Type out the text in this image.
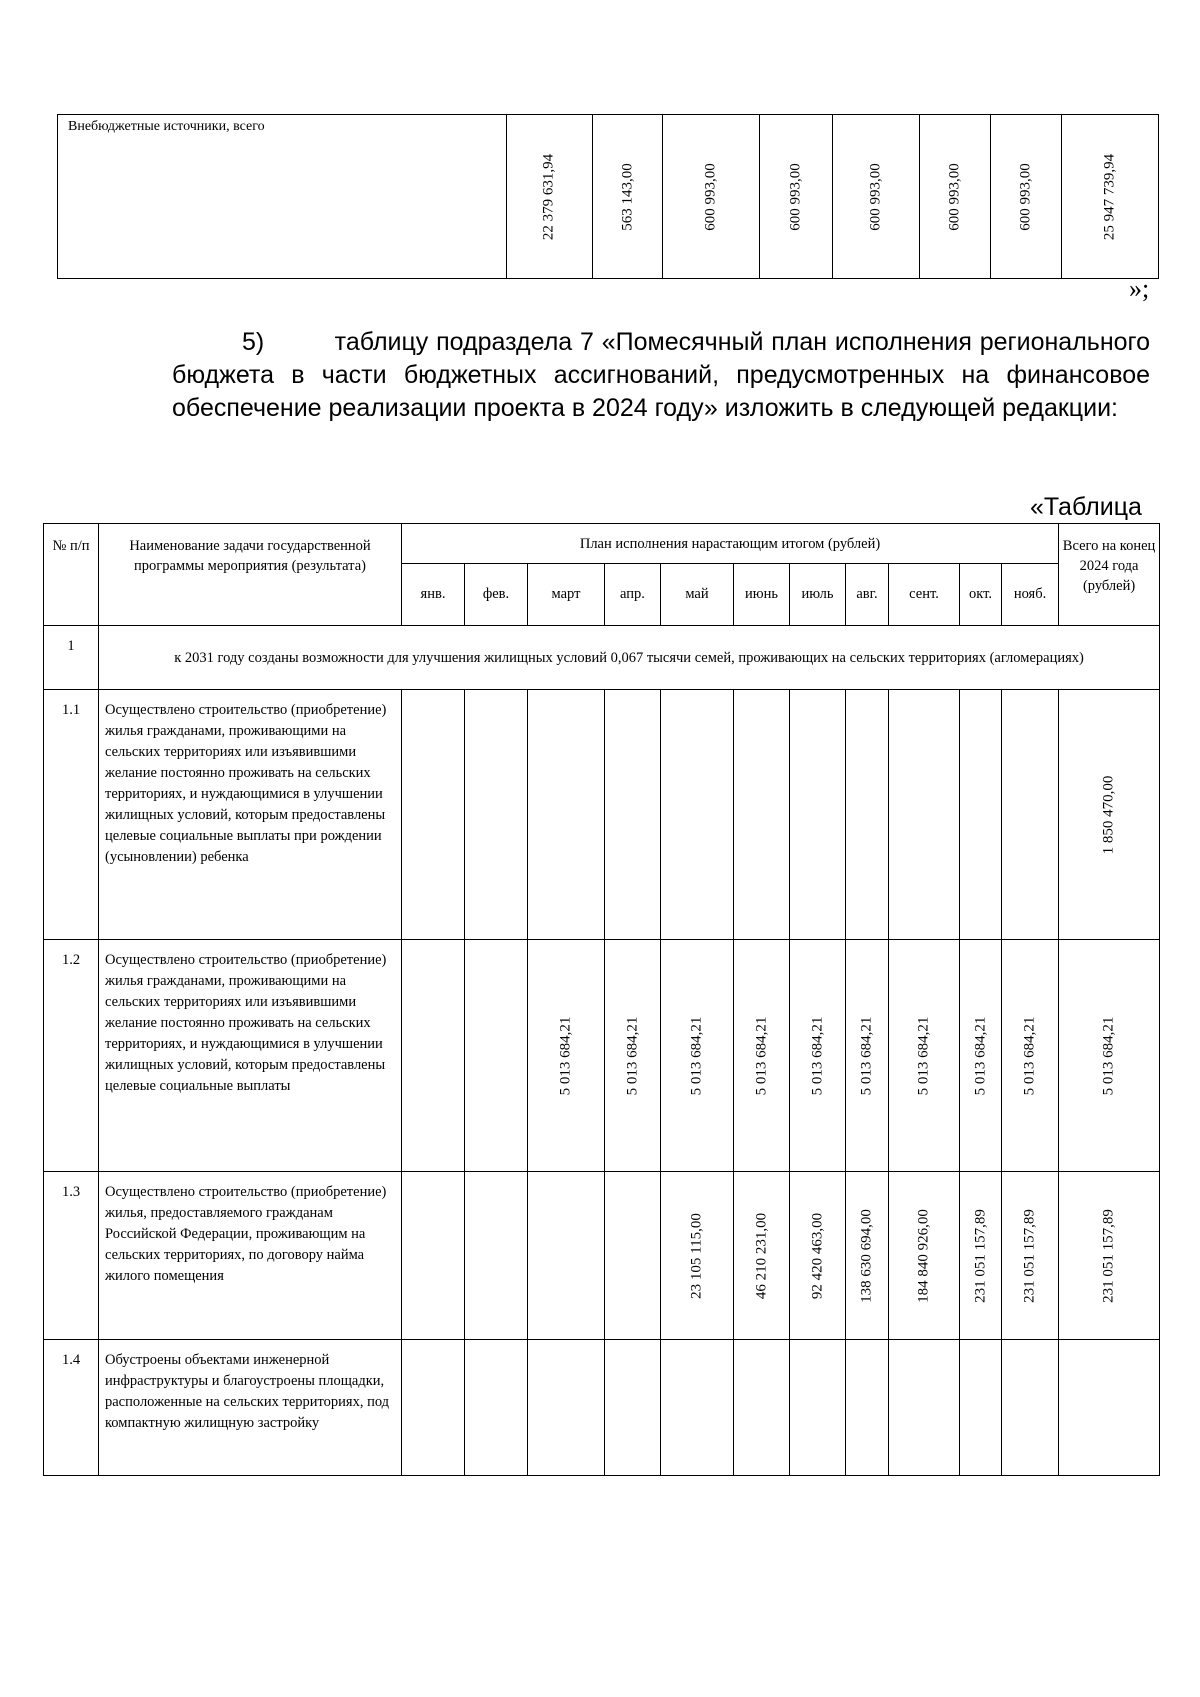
Внебюджетные источники, всего	
22 379 631,94	563 143,00	600 993,00	600 993,00	600 993,00	600 993,00	600 993,00	25 947 739,94
»;

5)	таблицу подраздела 7 «Помесячный план исполнения регионального бюджета в части бюджетных ассигнований, предусмотренных на финансовое обеспечение реализации проекта в 2024 году» изложить в следующей редакции:

«Таблица
№ п/п	Наименование задачи государственной программы мероприятия (результата)	План исполнения нарастающим итогом (рублей)											Всего на конец 2024 года (рублей)
		янв.	фев.	март	апр.	май	июнь	июль	авг.	сент.	окт.	нояб.	
1	к 2031 году созданы возможности для улучшения жилищных условий 0,067 тысячи семей, проживающих на сельских территориях (агломерациях)												
1.1	Осуществлено строительство (приобретение) жилья гражданами, проживающими на сельских территориях или изъявившими желание постоянно проживать на сельских территориях, и нуждающимися в улучшении жилищных условий, которым предоставлены целевые социальные выплаты при рождении (усыновлении) ребенка												1 850 470,00

1.2	Осуществлено строительство (приобретение) жилья гражданами, проживающими на сельских территориях или изъявившими желание постоянно проживать на сельских территориях, и нуждающимися в улучшении жилищных условий, которым предоставлены целевые социальные выплаты			5 013 684,21	5 013 684,21	5 013 684,21	5 013 684,21	5 013 684,21	5 013 684,21	5 013 684,21	5 013 684,21	5 013 684,21	5 013 684,21

1.3	Осуществлено строительство (приобретение) жилья, предоставляемого гражданам Российской Федерации, проживающим на сельских территориях, по договору найма жилого помещения					23 105 115,00	46 210 231,00	92 420 463,00	138 630 694,00	184 840 926,00	231 051 157,89	231 051 157,89	231 051 157,89

1.4	Обустроены объектами инженерной инфраструктуры и благоустроены площадки, расположенные на сельских территориях, под компактную жилищную застройку												
